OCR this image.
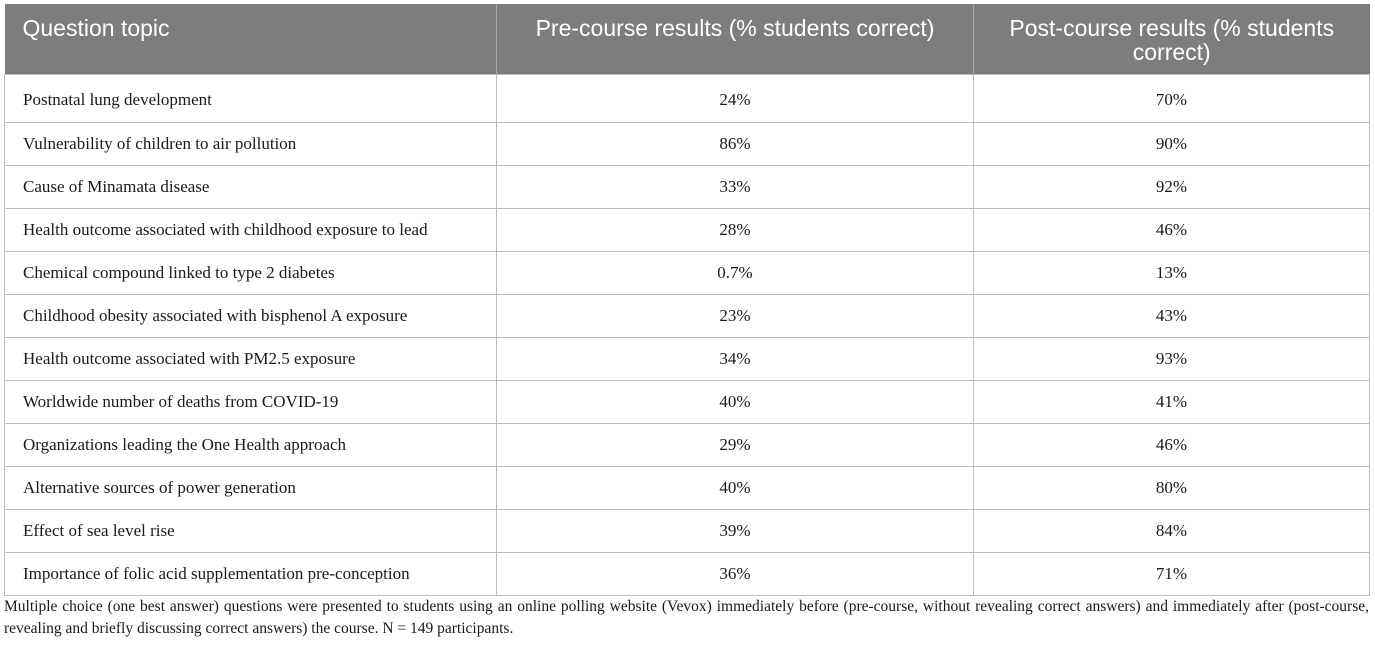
Question topic	Pre-course results (% students correct)	Post-course results (% students correct)
Postnatal lung development	24%	70%
Vulnerability of children to air pollution	86%	90%
Cause of Minamata disease	33%	92%
Health outcome associated with childhood exposure to lead	28%	46%
Chemical compound linked to type 2 diabetes	0.7%	13%
Childhood obesity associated with bisphenol A exposure	23%	43%
Health outcome associated with PM2.5 exposure	34%	93%
Worldwide number of deaths from COVID-19	40%	41%
Organizations leading the One Health approach	29%	46%
Alternative sources of power generation	40%	80%
Effect of sea level rise	39%	84%
Importance of folic acid supplementation pre-conception	36%	71%

Multiple choice (one best answer) questions were presented to students using an online polling website (Vevox) immediately before (pre-course, without revealing correct answers) and immediately after (post-course, revealing and briefly discussing correct answers) the course. N = 149 participants.
